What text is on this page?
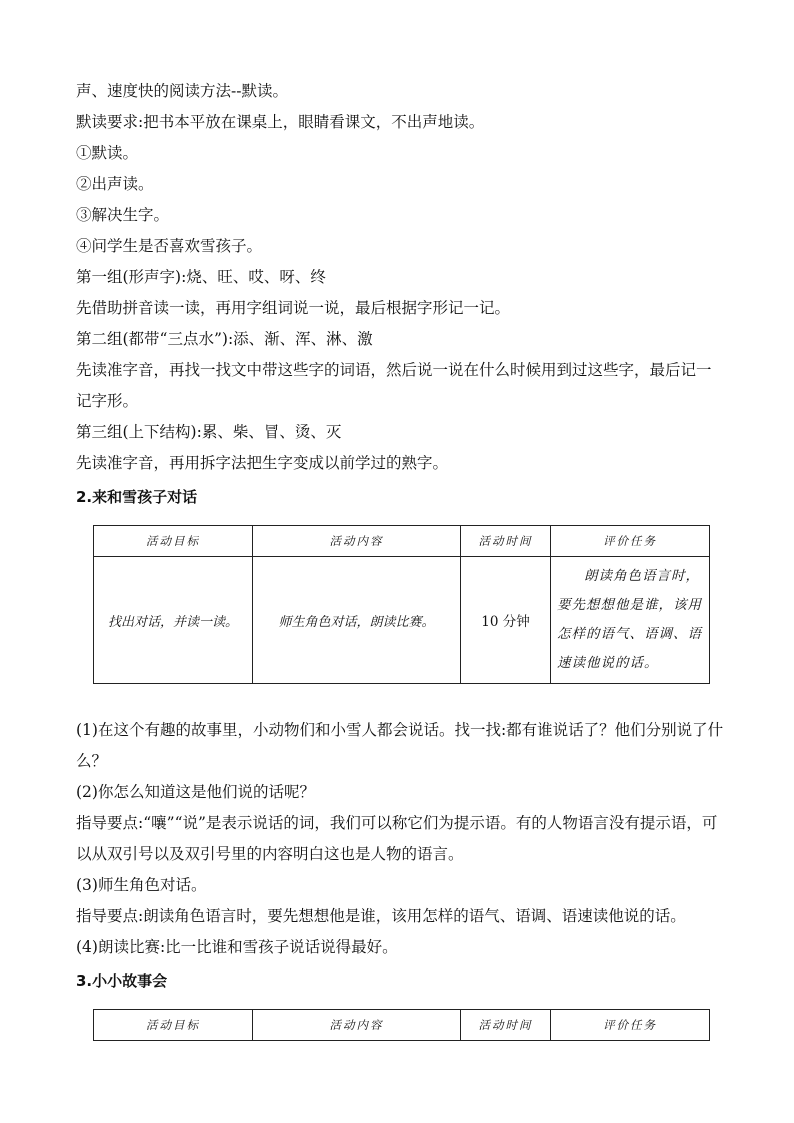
声、速度快的阅读方法--默读。

默读要求:把书本平放在课桌上，眼睛看课文，不出声地读。

①默读。

②出声读。

③解决生字。

④问学生是否喜欢雪孩子。

第一组(形声字):烧、旺、哎、呀、终

先借助拼音读一读，再用字组词说一说，最后根据字形记一记。

第二组(都带“三点水”):添、渐、浑、淋、激

先读准字音，再找一找文中带这些字的词语，然后说一说在什么时候用到过这些字，最后记一记字形。

第三组(上下结构):累、柴、冒、烫、灭

先读准字音，再用拆字法把生字变成以前学过的熟字。

2.来和雪孩子对话
活动目标	活动内容	活动时间	评价任务
找出对话，并读一读。	师生角色对话，朗读比赛。	10 分钟	朗读角色语言时，要先想想他是谁，该用怎样的语气、语调、语速读他说的话。

(1)在这个有趣的故事里，小动物们和小雪人都会说话。找一找:都有谁说话了？他们分别说了什么？

(2)你怎么知道这是他们说的话呢？

指导要点:“嚷”“说”是表示说话的词，我们可以称它们为提示语。有的人物语言没有提示语，可以从双引号以及双引号里的内容明白这也是人物的语言。

(3)师生角色对话。

指导要点:朗读角色语言时，要先想想他是谁，该用怎样的语气、语调、语速读他说的话。

(4)朗读比赛:比一比谁和雪孩子说话说得最好。

3.小小故事会
活动目标	活动内容	活动时间	评价任务
